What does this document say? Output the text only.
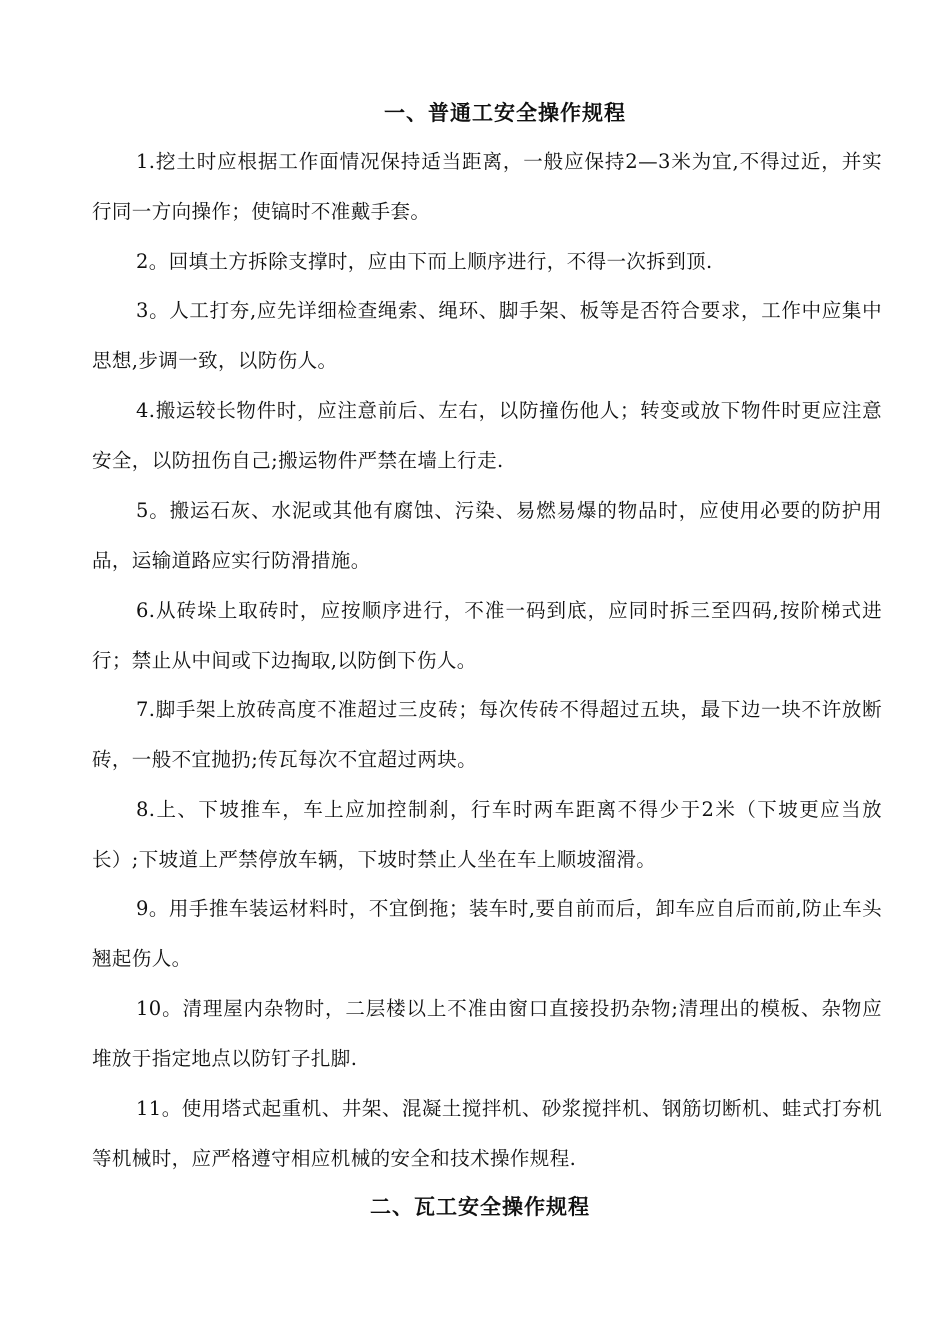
一、普通工安全操作规程

1.挖土时应根据工作面情况保持适当距离，一般应保持2—3米为宜,不得过近，并实行同一方向操作；使镐时不准戴手套。

2。回填土方拆除支撑时，应由下而上顺序进行，不得一次拆到顶.

3。人工打夯,应先详细检查绳索、绳环、脚手架、板等是否符合要求，工作中应集中思想,步调一致，以防伤人。

4.搬运较长物件时，应注意前后、左右，以防撞伤他人；转变或放下物件时更应注意安全，以防扭伤自己;搬运物件严禁在墙上行走.

5。搬运石灰、水泥或其他有腐蚀、污染、易燃易爆的物品时，应使用必要的防护用品，运输道路应实行防滑措施。

6.从砖垛上取砖时，应按顺序进行，不准一码到底，应同时拆三至四码,按阶梯式进行；禁止从中间或下边掏取,以防倒下伤人。

7.脚手架上放砖高度不准超过三皮砖；每次传砖不得超过五块，最下边一块不许放断砖，一般不宜抛扔;传瓦每次不宜超过两块。

8.上、下坡推车，车上应加控制刹，行车时两车距离不得少于2米（下坡更应当放长）;下坡道上严禁停放车辆，下坡时禁止人坐在车上顺坡溜滑。

9。用手推车装运材料时，不宜倒拖；装车时,要自前而后，卸车应自后而前,防止车头翘起伤人。

10。清理屋内杂物时，二层楼以上不准由窗口直接投扔杂物;清理出的模板、杂物应堆放于指定地点以防钉子扎脚.

11。使用塔式起重机、井架、混凝土搅拌机、砂浆搅拌机、钢筋切断机、蛙式打夯机等机械时，应严格遵守相应机械的安全和技术操作规程.

二、瓦工安全操作规程
